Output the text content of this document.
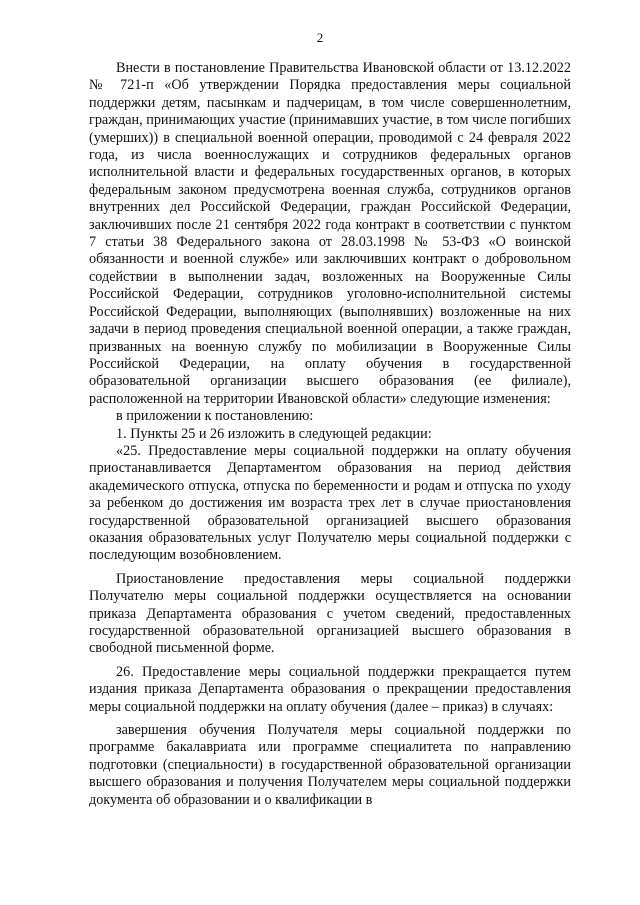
2

Внести в постановление Правительства Ивановской области от 13.12.2022 № 721-п «Об утверждении Порядка предоставления меры социальной поддержки детям, пасынкам и падчерицам, в том числе совершеннолетним, граждан, принимающих участие (принимавших участие, в том числе погибших (умерших)) в специальной военной операции, проводимой с 24 февраля 2022 года, из числа военнослужащих и сотрудников федеральных органов исполнительной власти и федеральных государственных органов, в которых федеральным законом предусмотрена военная служба, сотрудников органов внутренних дел Российской Федерации, граждан Российской Федерации, заключивших после 21 сентября 2022 года контракт в соответствии с пунктом 7 статьи 38 Федерального закона от 28.03.1998 № 53-ФЗ «О воинской обязанности и военной службе» или заключивших контракт о добровольном содействии в выполнении задач, возложенных на Вооруженные Силы Российской Федерации, сотрудников уголовно-исполнительной системы Российской Федерации, выполняющих (выполнявших) возложенные на них задачи в период проведения специальной военной операции, а также граждан, призванных на военную службу по мобилизации в Вооруженные Силы Российской Федерации, на оплату обучения в государственной образовательной организации высшего образования (ее филиале), расположенной на территории Ивановской области» следующие изменения:

в приложении к постановлению:

1. Пункты 25 и 26 изложить в следующей редакции:

«25. Предоставление меры социальной поддержки на оплату обучения приостанавливается Департаментом образования на период действия академического отпуска, отпуска по беременности и родам и отпуска по уходу за ребенком до достижения им возраста трех лет в случае приостановления государственной образовательной организацией высшего образования оказания образовательных услуг Получателю меры социальной поддержки с последующим возобновлением.

Приостановление предоставления меры социальной поддержки Получателю меры социальной поддержки осуществляется на основании приказа Департамента образования с учетом сведений, предоставленных государственной образовательной организацией высшего образования в свободной письменной форме.

26. Предоставление меры социальной поддержки прекращается путем издания приказа Департамента образования о прекращении предоставления меры социальной поддержки на оплату обучения (далее – приказ) в случаях:

завершения обучения Получателя меры социальной поддержки по программе бакалавриата или программе специалитета по направлению подготовки (специальности) в государственной образовательной организации высшего образования и получения Получателем меры социальной поддержки документа об образовании и о квалификации в
